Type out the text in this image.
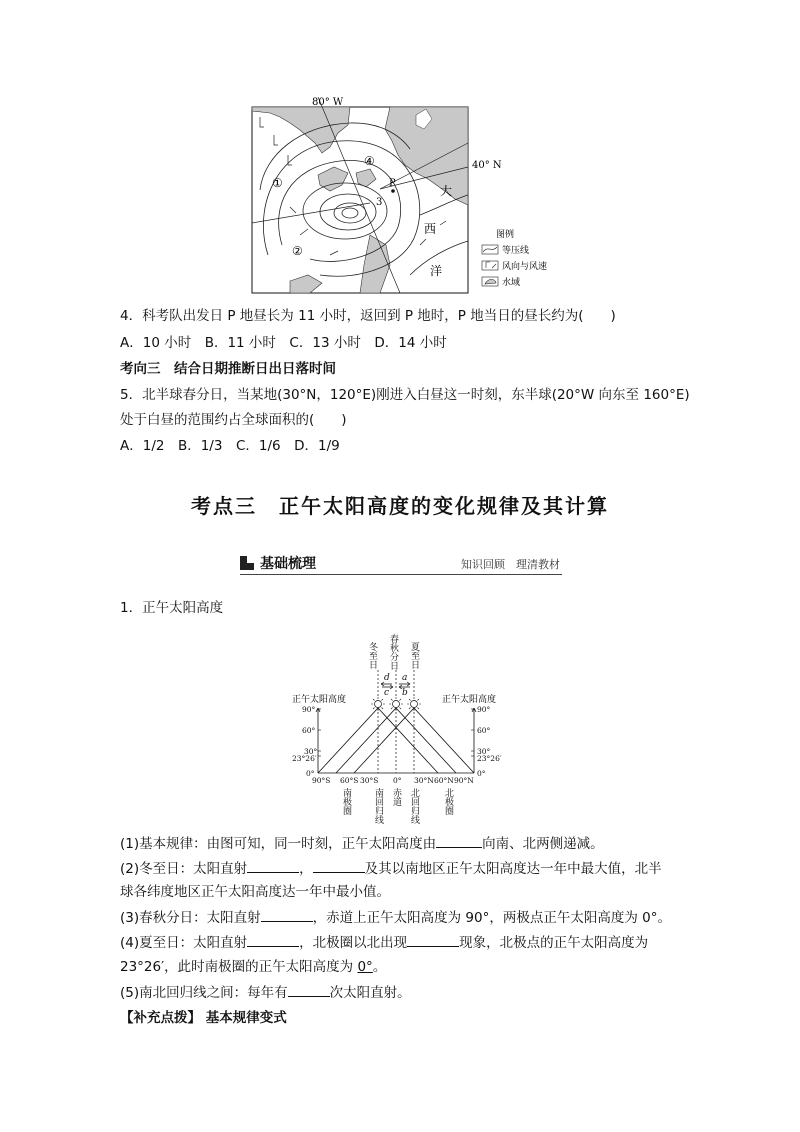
80° W
40° N
P
①
②
3
④
大
西
洋
图例
等压线
风向与风速
水域
4．科考队出发日 P 地昼长为 11 小时，返回到 P 地时，P 地当日的昼长约为(　　)
A．10 小时　B．11 小时　C．13 小时　D．14 小时
考向三　结合日期推断日出日落时间
5．北半球春分日，当某地(30°N，120°E)刚进入白昼这一时刻，东半球(20°W 向东至 160°E)
处于白昼的范围约占全球面积的(　　)
A．1/2　B．1/3　C．1/6　D．1/9
考点三　正午太阳高度的变化规律及其计算
基础梳理	知识回顾　理清教材
1．正午太阳高度
冬至日 春秋分日 夏至日
d
c
a
b
正午太阳高度	正午太阳高度
90°
60°
30°
23°26′
0°
90°
60°
30°
23°26′
0°
90°S 60°S 30°S 0° 30°N 60°N 90°N
南极圈 南回归线 赤道 北回归线	北极圈
(1)基本规律：由图可知，同一时刻，正午太阳高度由	向南、北两侧递减。
(2)冬至日：太阳直射	，	及其以南地区正午太阳高度达一年中最大值，北半
球各纬度地区正午太阳高度达一年中最小值。
(3)春秋分日：太阳直射	，赤道上正午太阳高度为 90°，两极点正午太阳高度为 0°。
(4)夏至日：太阳直射	，北极圈以北出现	现象，北极点的正午太阳高度为
23°26′，此时南极圈的正午太阳高度为 0°。
(5)南北回归线之间：每年有	次太阳直射。
【补充点拨】 基本规律变式
